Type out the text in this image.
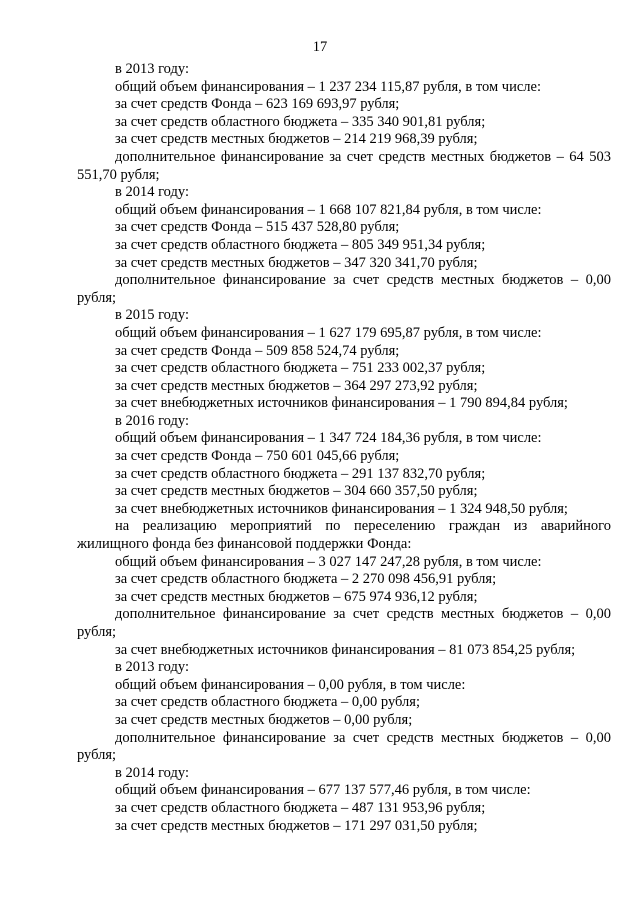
17

в 2013 году:

общий объем финансирования – 1 237 234 115,87 рубля, в том числе:

за счет средств Фонда – 623 169 693,97 рубля;

за счет средств областного бюджета – 335 340 901,81 рубля;

за счет средств местных бюджетов – 214 219 968,39 рубля;

дополнительное финансирование за счет средств местных бюджетов – 64 503 551,70 рубля;

в 2014 году:

общий объем финансирования – 1 668 107 821,84 рубля, в том числе:

за счет средств Фонда – 515 437 528,80 рубля;

за счет средств областного бюджета – 805 349 951,34 рубля;

за счет средств местных бюджетов – 347 320 341,70 рубля;

дополнительное финансирование за счет средств местных бюджетов – 0,00 рубля;

в 2015 году:

общий объем финансирования – 1 627 179 695,87 рубля, в том числе:

за счет средств Фонда – 509 858 524,74 рубля;

за счет средств областного бюджета – 751 233 002,37 рубля;

за счет средств местных бюджетов – 364 297 273,92 рубля;

за счет внебюджетных источников финансирования – 1 790 894,84 рубля;

в 2016 году:

общий объем финансирования – 1 347 724 184,36 рубля, в том числе:

за счет средств Фонда – 750 601 045,66 рубля;

за счет средств областного бюджета – 291 137 832,70 рубля;

за счет средств местных бюджетов – 304 660 357,50 рубля;

за счет внебюджетных источников финансирования – 1 324 948,50 рубля;

на реализацию мероприятий по переселению граждан из аварийного жилищного фонда без финансовой поддержки Фонда:

общий объем финансирования – 3 027 147 247,28 рубля, в том числе:

за счет средств областного бюджета – 2 270 098 456,91 рубля;

за счет средств местных бюджетов – 675 974 936,12 рубля;

дополнительное финансирование за счет средств местных бюджетов – 0,00 рубля;

за счет внебюджетных источников финансирования – 81 073 854,25 рубля;

в 2013 году:

общий объем финансирования – 0,00 рубля, в том числе:

за счет средств областного бюджета – 0,00 рубля;

за счет средств местных бюджетов – 0,00 рубля;

дополнительное финансирование за счет средств местных бюджетов – 0,00 рубля;

в 2014 году:

общий объем финансирования – 677 137 577,46 рубля, в том числе:

за счет средств областного бюджета – 487 131 953,96 рубля;

за счет средств местных бюджетов – 171 297 031,50 рубля;
